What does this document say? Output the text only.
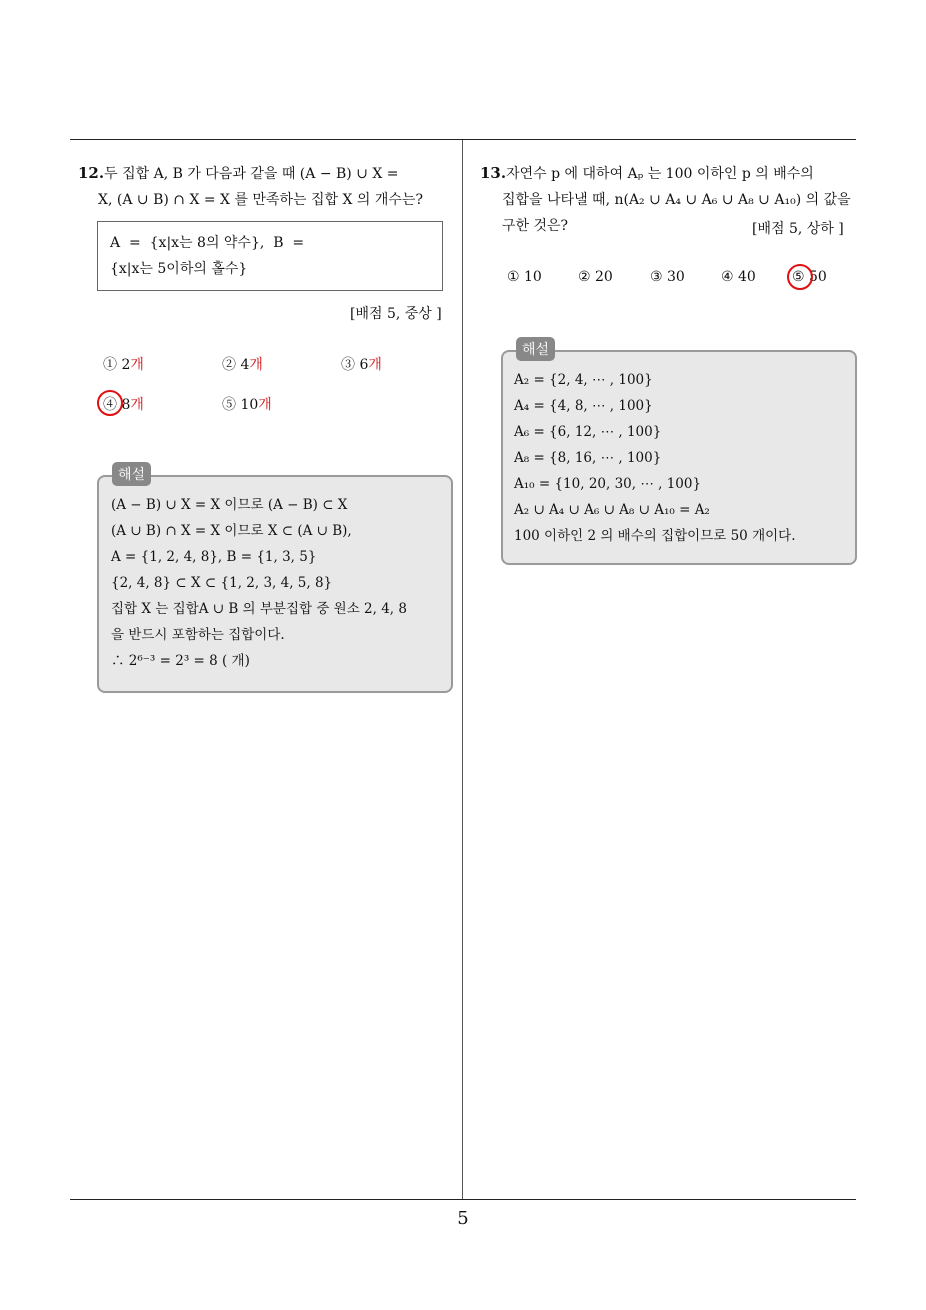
12.두 집합 A, B 가 다음과 같을 때 (A − B) ∪ X =
X, (A ∪ B) ∩ X = X 를 만족하는 집합 X 의 개수는?
A  =  {x|x는 8의 약수},  B  =
{x|x는 5이하의 홀수}
[배점 5, 중상 ]
① 2개	② 4개	③ 6개
④ 8개	⑤ 10개
해설
(A − B) ∪ X = X 이므로 (A − B) ⊂ X
(A ∪ B) ∩ X = X 이므로 X ⊂ (A ∪ B),
A = {1, 2, 4, 8}, B = {1, 3, 5}
{2, 4, 8} ⊂ X ⊂ {1, 2, 3, 4, 5, 8}
집합 X 는 집합A ∪ B 의 부분집합 중 원소 2, 4, 8
을 반드시 포함하는 집합이다.
∴ 2⁶⁻³ = 2³ = 8 ( 개)
13.자연수 p 에 대하여 Aₚ 는 100 이하인 p 의 배수의
집합을 나타낼 때, n(A₂ ∪ A₄ ∪ A₆ ∪ A₈ ∪ A₁₀) 의 값을
구한 것은?	[배점 5, 상하 ]
① 10	② 20	③ 30	④ 40	⑤ 50
해설
A₂ = {2, 4, ⋯ , 100}
A₄ = {4, 8, ⋯ , 100}
A₆ = {6, 12, ⋯ , 100}
A₈ = {8, 16, ⋯ , 100}
A₁₀ = {10, 20, 30, ⋯ , 100}
A₂ ∪ A₄ ∪ A₆ ∪ A₈ ∪ A₁₀ = A₂
100 이하인 2 의 배수의 집합이므로 50 개이다.
5
